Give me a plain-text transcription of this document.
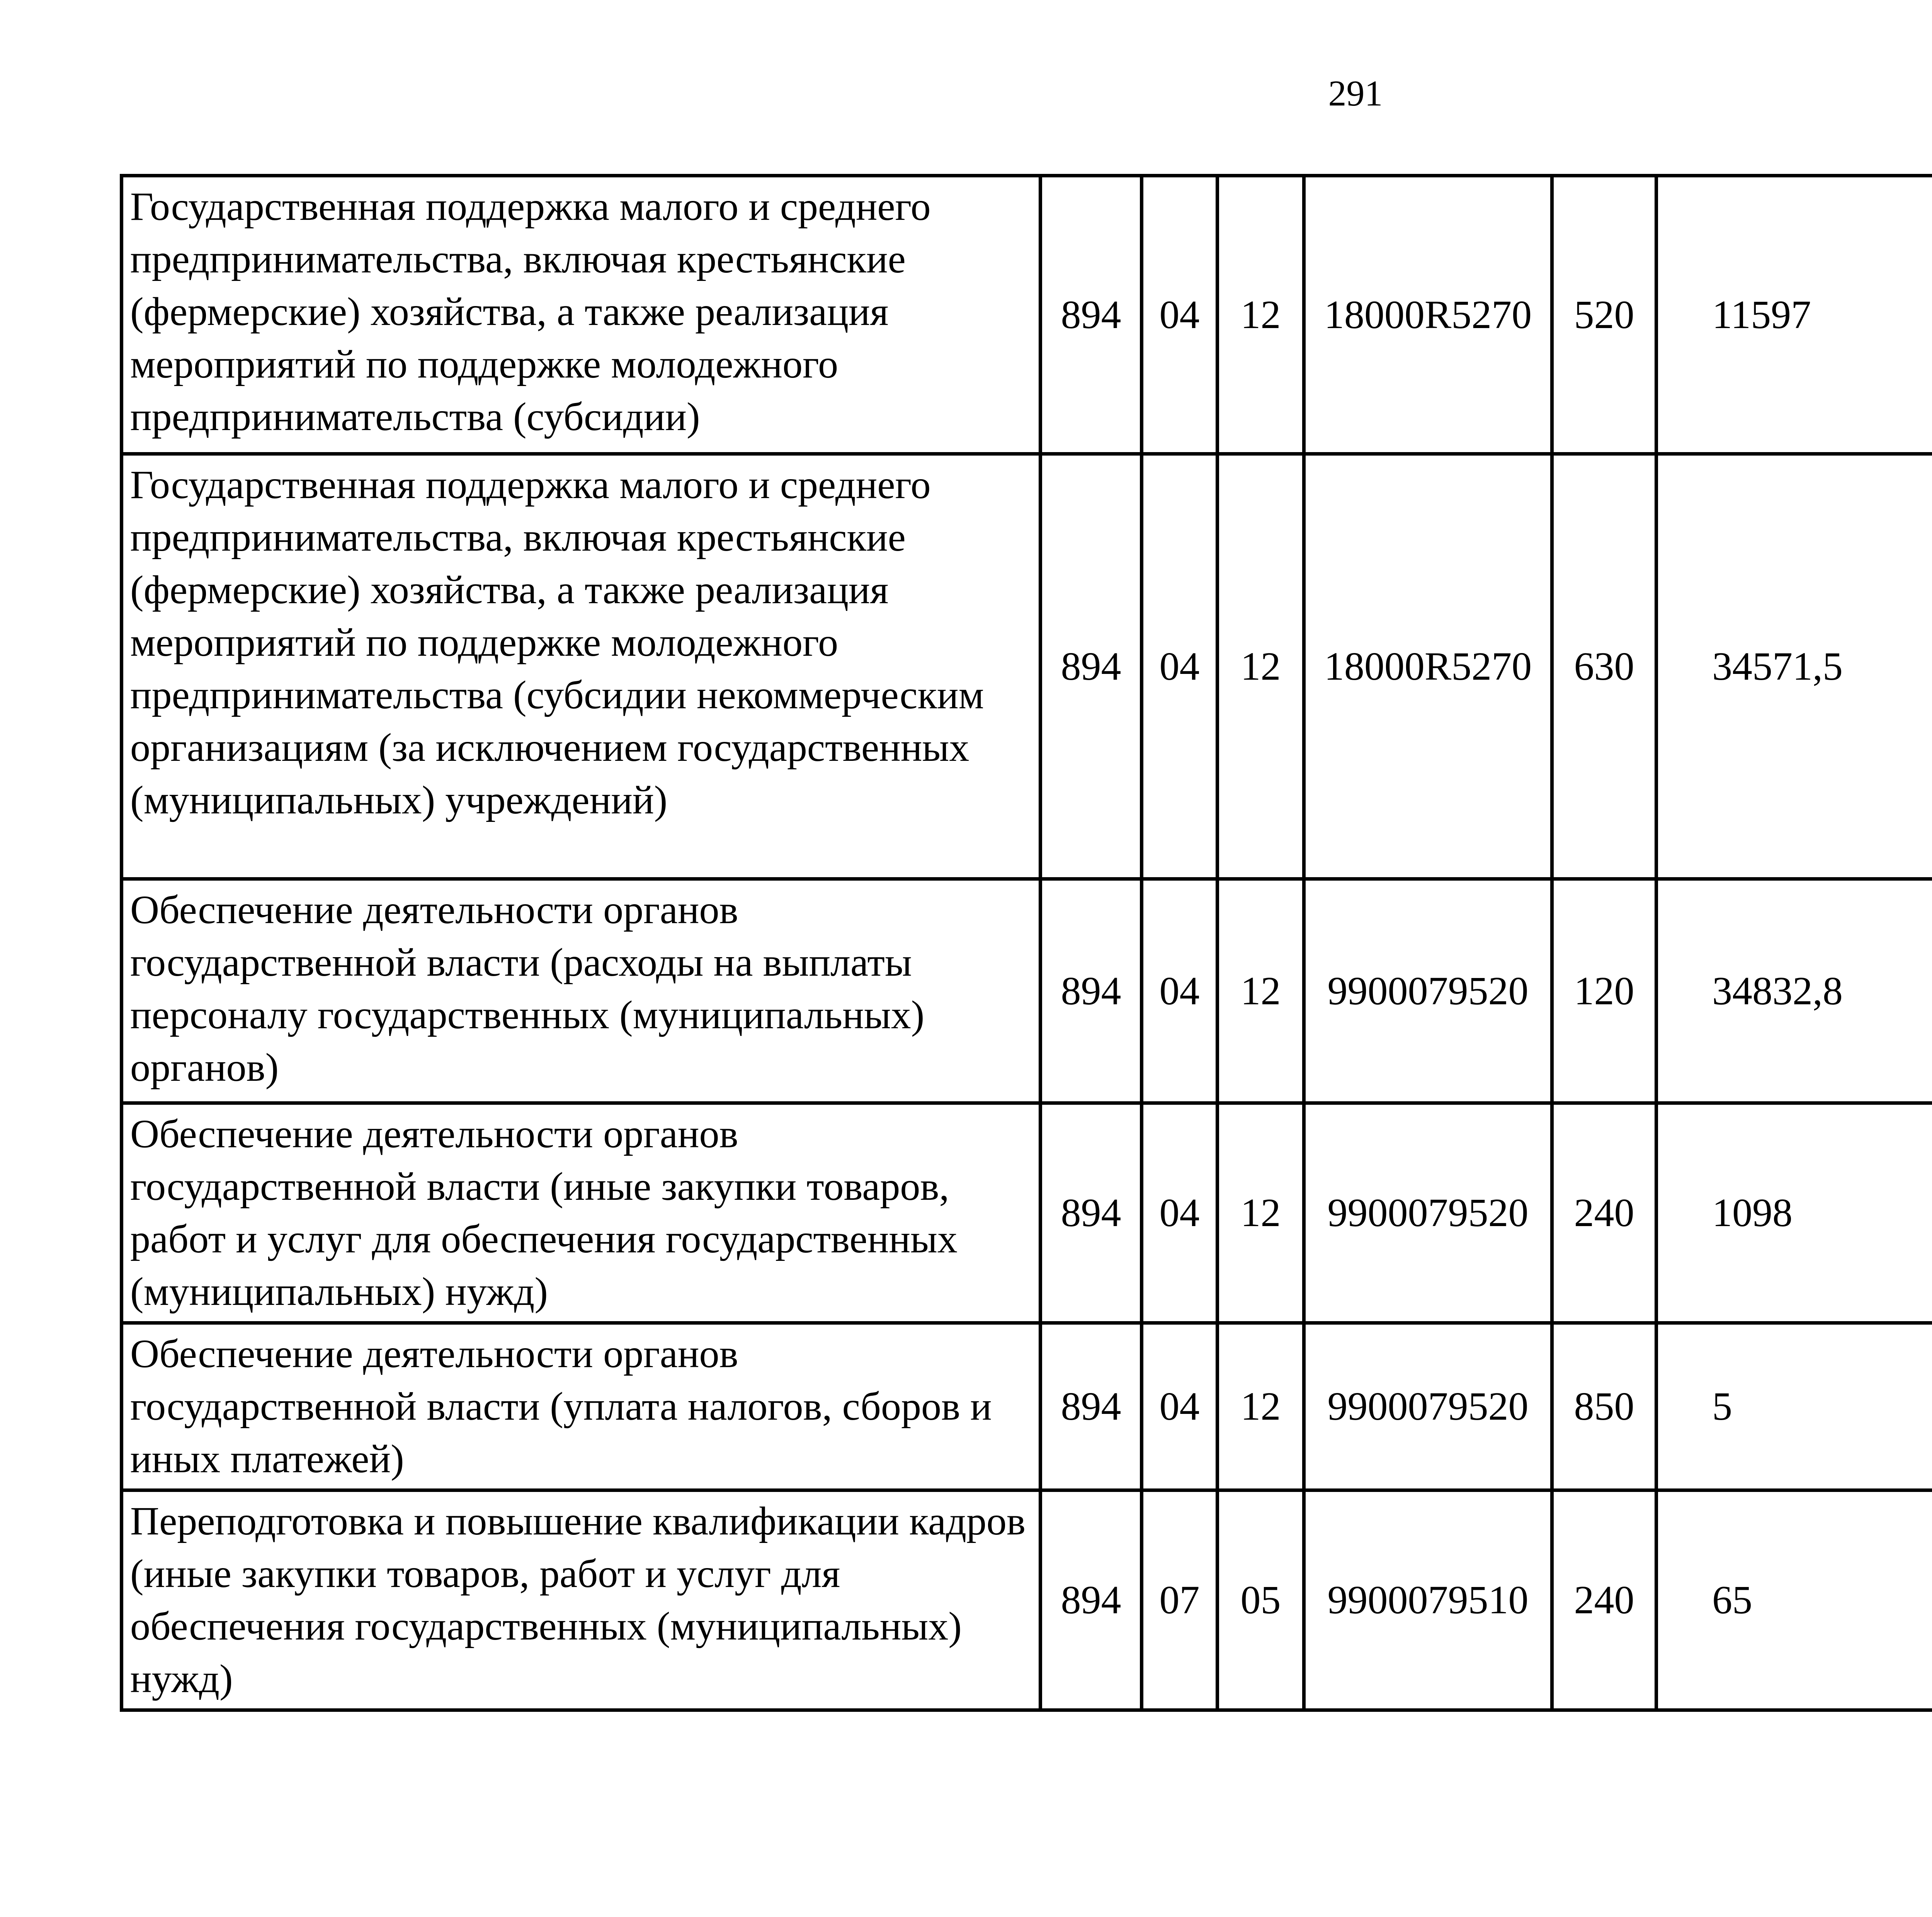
291
Государственная поддержка малого и среднего предпринимательства, включая крестьянские (фермерские) хозяйства, а также реализация мероприятий по поддержке молодежного предпринимательства (субсидии)	894	04	12	18000R5270	520	11597		

Государственная поддержка малого и среднего предпринимательства, включая крестьянские (фермерские) хозяйства, а также реализация мероприятий по поддержке молодежного предпринимательства (субсидии некоммерческим организациям (за исключением государственных (муниципальных) учреждений)	894	04	12	18000R5270	630	34571,5		

Обеспечение деятельности органов государственной власти (расходы на выплаты персоналу государственных (муниципальных) органов)	894	04	12	9900079520	120	34832,8		

Обеспечение деятельности органов государственной власти (иные закупки товаров, работ и услуг для обеспечения государственных (муниципальных) нужд)	894	04	12	9900079520	240	1098		

Обеспечение деятельности органов государственной власти (уплата налогов, сборов и иных платежей)	894	04	12	9900079520	850	5		

Переподготовка и повышение квалификации кадров (иные закупки товаров, работ и услуг для обеспечения государственных (муниципальных) нужд)	894	07	05	9900079510	240	65		
